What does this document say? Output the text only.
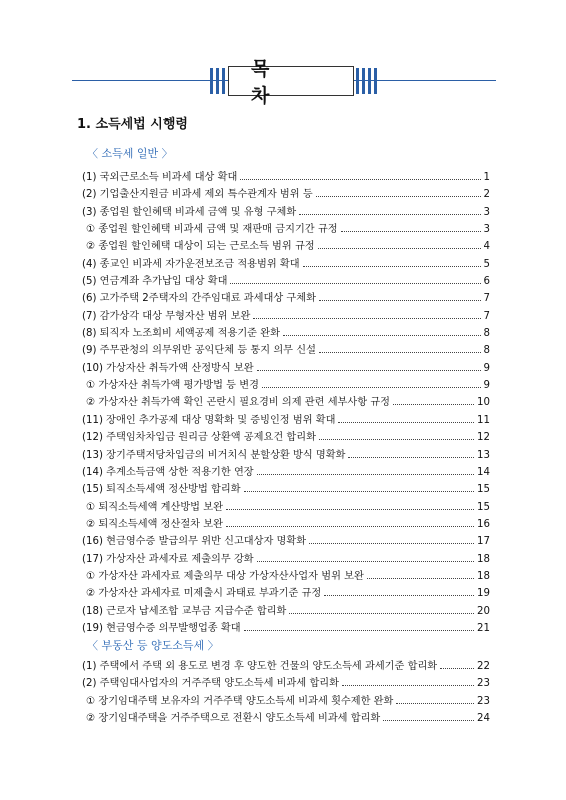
목 차
1. 소득세법 시행령
〈 소득세 일반 〉
(1) 국외근로소득 비과세 대상 확대	1
(2) 기업출산지원금 비과세 제외 특수관계자 범위 등	2
(3) 종업원 할인혜택 비과세 금액 및 유형 구체화	3
① 종업원 할인혜택 비과세 금액 및 재판매 금지기간 규정	3
② 종업원 할인혜택 대상이 되는 근로소득 범위 규정	4
(4) 종교인 비과세 자가운전보조금 적용범위 확대	5
(5) 연금계좌 추가납입 대상 확대	6
(6) 고가주택 2주택자의 간주임대료 과세대상 구체화	7
(7) 감가상각 대상 무형자산 범위 보완	7
(8) 퇴직자 노조회비 세액공제 적용기준 완화	8
(9) 주무관청의 의무위반 공익단체 등 통지 의무 신설	8
(10) 가상자산 취득가액 산정방식 보완	9
① 가상자산 취득가액 평가방법 등 변경	9
② 가상자산 취득가액 확인 곤란시 필요경비 의제 관련 세부사항 규정	10
(11) 장애인 추가공제 대상 명확화 및 증빙인정 범위 확대	11
(12) 주택임차차입금 원리금 상환액 공제요건 합리화	12
(13) 장기주택저당차입금의 비거치식 분할상환 방식 명확화	13
(14) 추계소득금액 상한 적용기한 연장	14
(15) 퇴직소득세액 정산방법 합리화	15
① 퇴직소득세액 계산방법 보완	15
② 퇴직소득세액 정산절차 보완	16
(16) 현금영수증 발급의무 위반 신고대상자 명확화	17
(17) 가상자산 과세자료 제출의무 강화	18
① 가상자산 과세자료 제출의무 대상 가상자산사업자 범위 보완	18
② 가상자산 과세자료 미제출시 과태료 부과기준 규정	19
(18) 근로자 납세조합 교부금 지급수준 합리화	20
(19) 현금영수증 의무발행업종 확대	21
〈 부동산 등 양도소득세 〉
(1) 주택에서 주택 외 용도로 변경 후 양도한 건물의 양도소득세 과세기준 합리화	22
(2) 주택임대사업자의 거주주택 양도소득세 비과세 합리화	23
① 장기임대주택 보유자의 거주주택 양도소득세 비과세 횟수제한 완화	23
② 장기임대주택을 거주주택으로 전환시 양도소득세 비과세 합리화	24
